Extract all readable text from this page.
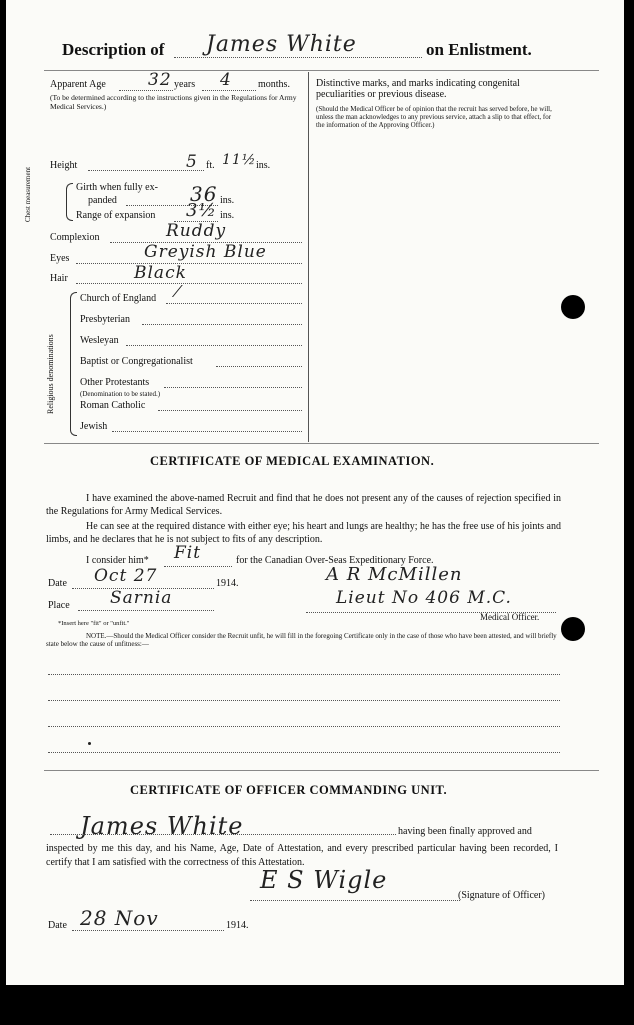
Description of James White	on Enlistment.
Apparent Age 32 years 4	months.
(To be determined according to the instructions given in the Regulations for Army Medical Services.)
Distinctive marks, and marks indicating congenital peculiarities or previous disease.
(Should the Medical Officer be of opinion that the recruit has served before, he will, unless the man acknowledges to any previous service, attach a slip to that effect, for the information of the Approving Officer.)
Height	5 ft. 11½ ins.
Chest measurement	Girth when fully ex-
panded	36 ins.
Range of expansion 3½ ins.
Complexion	Ruddy
Eyes	Greyish Blue
Hair	Black
Religious denominations
Church of England ⁄
Presbyterian
Wesleyan
Baptist or Congregationalist
Other Protestants
(Denomination to be stated.)
Roman Catholic
Jewish
CERTIFICATE OF MEDICAL EXAMINATION.
I have examined the above-named Recruit and find that he does not present any of the causes of rejection specified in the Regulations for Army Medical Services.
He can see at the required distance with either eye; his heart and lungs are healthy; he has the free use of his joints and limbs, and he declares that he is not subject to fits of any description.
I consider him* Fit	for the Canadian Over-Seas Expeditionary Force.
Date Oct 27	1914.	A R McMillen
Place Sarnia	Lieut No 406 M.C.
Medical Officer.
*Insert here "fit" or "unfit."
NOTE.—Should the Medical Officer consider the Recruit unfit, he will fill in the foregoing Certificate only in the case of those who have been attested, and will briefly state below the cause of unfitness:—
CERTIFICATE OF OFFICER COMMANDING UNIT.
James White	having been finally approved and
inspected by me this day, and his Name, Age, Date of Attestation, and every prescribed particular having been recorded, I certify that I am satisfied with the correctness of this Attestation.
E S Wigle
(Signature of Officer)
Date 28 Nov	1914.
